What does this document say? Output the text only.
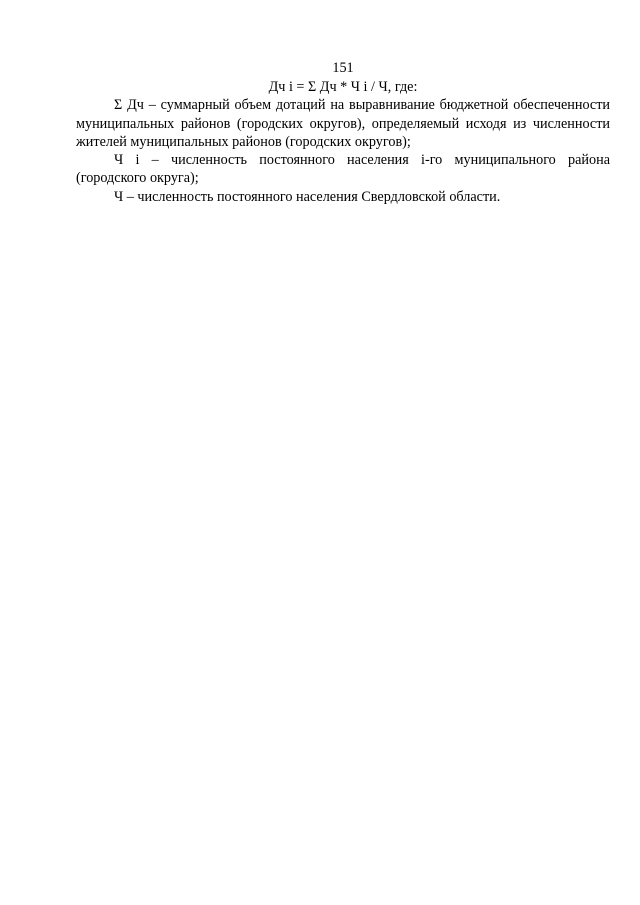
151

Дч i = Σ Дч * Ч i / Ч, где:

Σ Дч – суммарный объем дотаций на выравнивание бюджетной обеспеченности муниципальных районов (городских округов), определяемый исходя из численности жителей муниципальных районов (городских округов);

Ч i – численность постоянного населения i-го муниципального района (городского округа);

Ч – численность постоянного населения Свердловской области.
